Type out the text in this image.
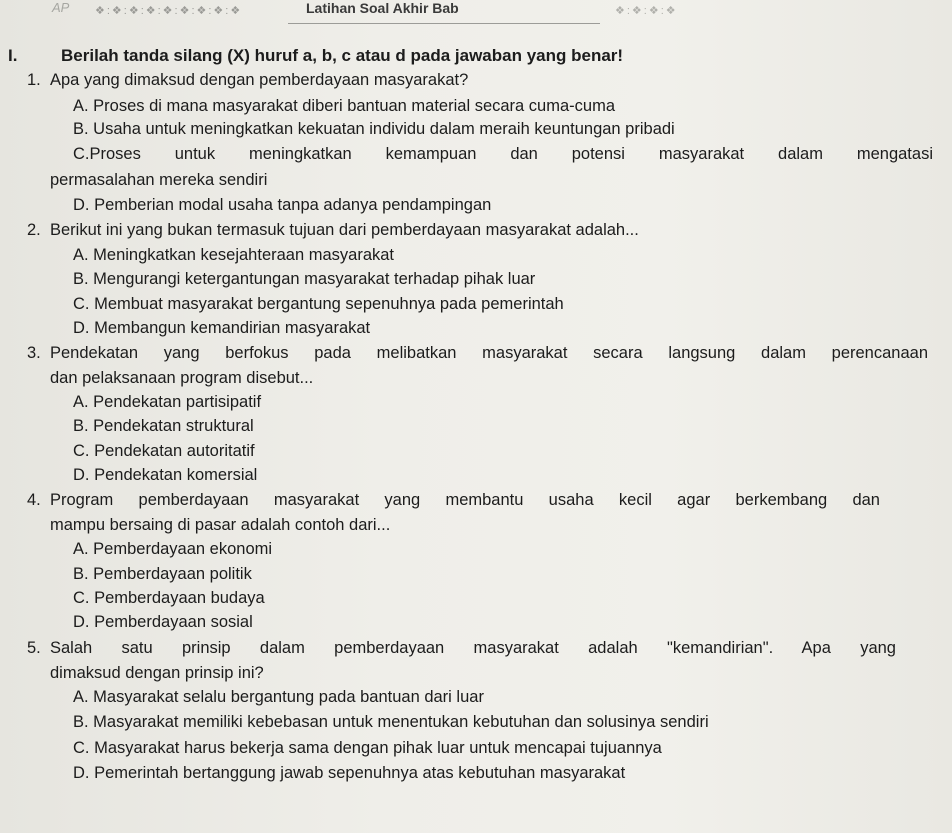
AP ❖:❖:❖:❖:❖:❖:❖:❖:❖	Latihan Soal Akhir Bab	❖:❖:❖:❖
I.	Berilah tanda silang (X) huruf a, b, c atau d pada jawaban yang benar!
1. Apa yang dimaksud dengan pemberdayaan masyarakat?
A. Proses di mana masyarakat diberi bantuan material secara cuma-cuma
B. Usaha untuk meningkatkan kekuatan individu dalam meraih keuntungan pribadi
C.Proses untuk meningkatkan kemampuan dan potensi masyarakat dalam mengatasi
permasalahan mereka sendiri
D. Pemberian modal usaha tanpa adanya pendampingan
2. Berikut ini yang bukan termasuk tujuan dari pemberdayaan masyarakat adalah...
A. Meningkatkan kesejahteraan masyarakat
B. Mengurangi ketergantungan masyarakat terhadap pihak luar
C. Membuat masyarakat bergantung sepenuhnya pada pemerintah
D. Membangun kemandirian masyarakat
3. Pendekatan yang berfokus pada melibatkan masyarakat secara langsung dalam perencanaan
dan pelaksanaan program disebut...
A. Pendekatan partisipatif
B. Pendekatan struktural
C. Pendekatan autoritatif
D. Pendekatan komersial
4. Program pemberdayaan masyarakat yang membantu usaha kecil agar berkembang dan
mampu bersaing di pasar adalah contoh dari...
A. Pemberdayaan ekonomi
B. Pemberdayaan politik
C. Pemberdayaan budaya
D. Pemberdayaan sosial
5. Salah satu prinsip dalam pemberdayaan masyarakat adalah "kemandirian". Apa yang
dimaksud dengan prinsip ini?
A. Masyarakat selalu bergantung pada bantuan dari luar
B. Masyarakat memiliki kebebasan untuk menentukan kebutuhan dan solusinya sendiri
C. Masyarakat harus bekerja sama dengan pihak luar untuk mencapai tujuannya
D. Pemerintah bertanggung jawab sepenuhnya atas kebutuhan masyarakat
